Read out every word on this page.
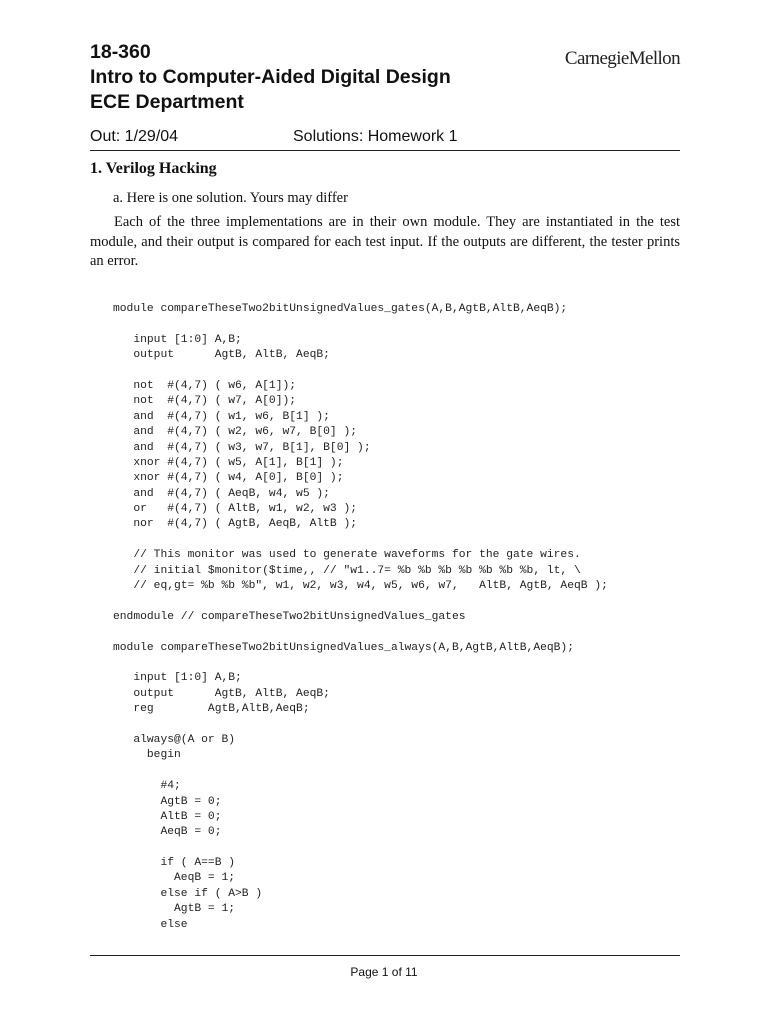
18-360

Intro to Computer-Aided Digital Design

ECE Department

CarnegieMellon
Out: 1/29/04	Solutions: Homework 1
1. Verilog Hacking
a. Here is one solution. Yours may differ

Each of the three implementations are in their own module. They are instantiated in the test module, and their output is compared for each test input. If the outputs are different, the tester prints an error.

module compareTheseTwo2bitUnsignedValues_gates(A,B,AgtB,AltB,AeqB);
input [1:0] A,B;
output      AgtB, AltB, AeqB;
not  #(4,7) ( w6, A[1]);
not  #(4,7) ( w7, A[0]);
and  #(4,7) ( w1, w6, B[1] );
and  #(4,7) ( w2, w6, w7, B[0] );
and  #(4,7) ( w3, w7, B[1], B[0] );
xnor #(4,7) ( w5, A[1], B[1] );
xnor #(4,7) ( w4, A[0], B[0] );
and  #(4,7) ( AeqB, w4, w5 );
or   #(4,7) ( AltB, w1, w2, w3 );
nor  #(4,7) ( AgtB, AeqB, AltB );
// This monitor was used to generate waveforms for the gate wires.
// initial $monitor($time,, // "w1..7= %b %b %b %b %b %b %b, lt, \
// eq,gt= %b %b %b", w1, w2, w3, w4, w5, w6, w7,   AltB, AgtB, AeqB );
endmodule // compareTheseTwo2bitUnsignedValues_gates
module compareTheseTwo2bitUnsignedValues_always(A,B,AgtB,AltB,AeqB);
input [1:0] A,B;
output      AgtB, AltB, AeqB;
reg        AgtB,AltB,AeqB;
always@(A or B)
begin
#4;
AgtB = 0;
AltB = 0;
AeqB = 0;
if ( A==B )
AeqB = 1;
else if ( A>B )
AgtB = 1;
else
Page 1 of 11
